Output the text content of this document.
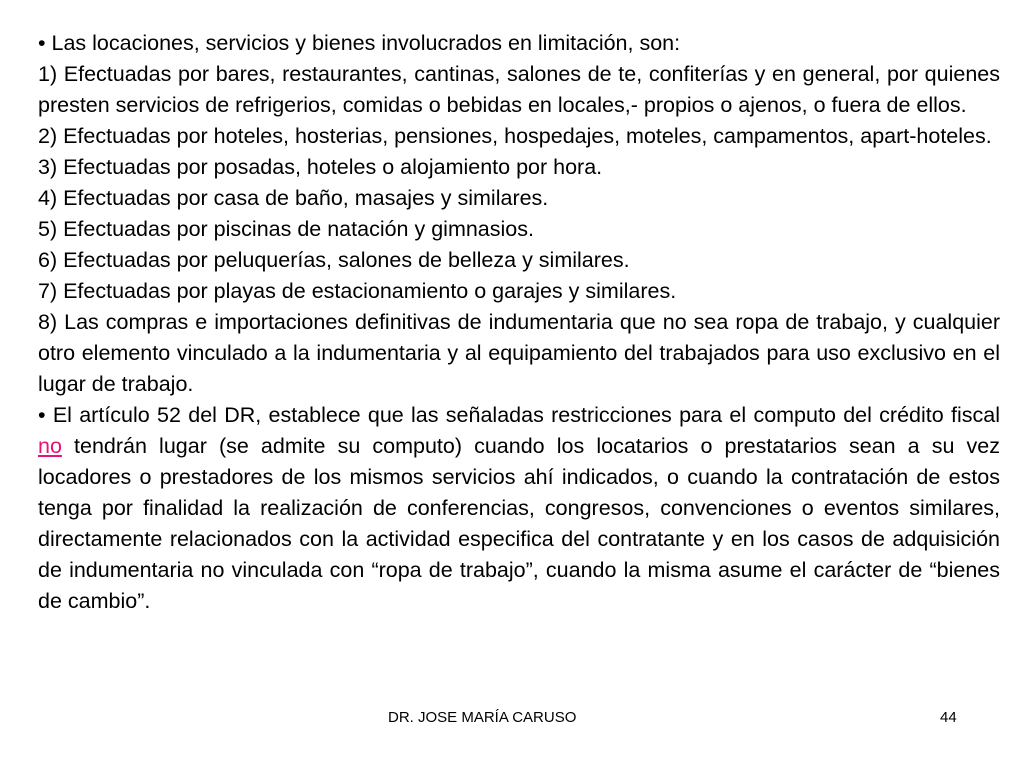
• Las locaciones, servicios y bienes involucrados en limitación, son:

1) Efectuadas por bares, restaurantes, cantinas, salones de te, confiterías y en general, por quienes presten servicios de refrigerios, comidas o bebidas en locales,- propios o ajenos, o fuera de ellos.

2) Efectuadas por hoteles, hosterias, pensiones, hospedajes, moteles, campamentos, apart-hoteles.

3) Efectuadas por posadas, hoteles o alojamiento por hora.

4) Efectuadas por casa de baño, masajes y similares.

5) Efectuadas por piscinas de natación y gimnasios.

6) Efectuadas por peluquerías, salones de belleza y similares.

7) Efectuadas por playas de estacionamiento o garajes y similares.

8) Las compras e importaciones definitivas de indumentaria que no sea ropa de trabajo, y cualquier otro elemento vinculado a la indumentaria y al equipamiento del trabajados para uso exclusivo en el lugar de trabajo.

• El artículo 52 del DR, establece que las señaladas restricciones para el computo del crédito fiscal no tendrán lugar (se admite su computo) cuando los locatarios o prestatarios sean a su vez locadores o prestadores de los mismos servicios ahí indicados, o cuando la contratación de estos tenga por finalidad la realización de conferencias, congresos, convenciones o eventos similares, directamente relacionados con la actividad especifica del contratante y en los casos de adquisición de indumentaria no vinculada con “ropa de trabajo”, cuando la misma asume el carácter de “bienes de cambio”.

DR. JOSE MARÍA CARUSO	44
